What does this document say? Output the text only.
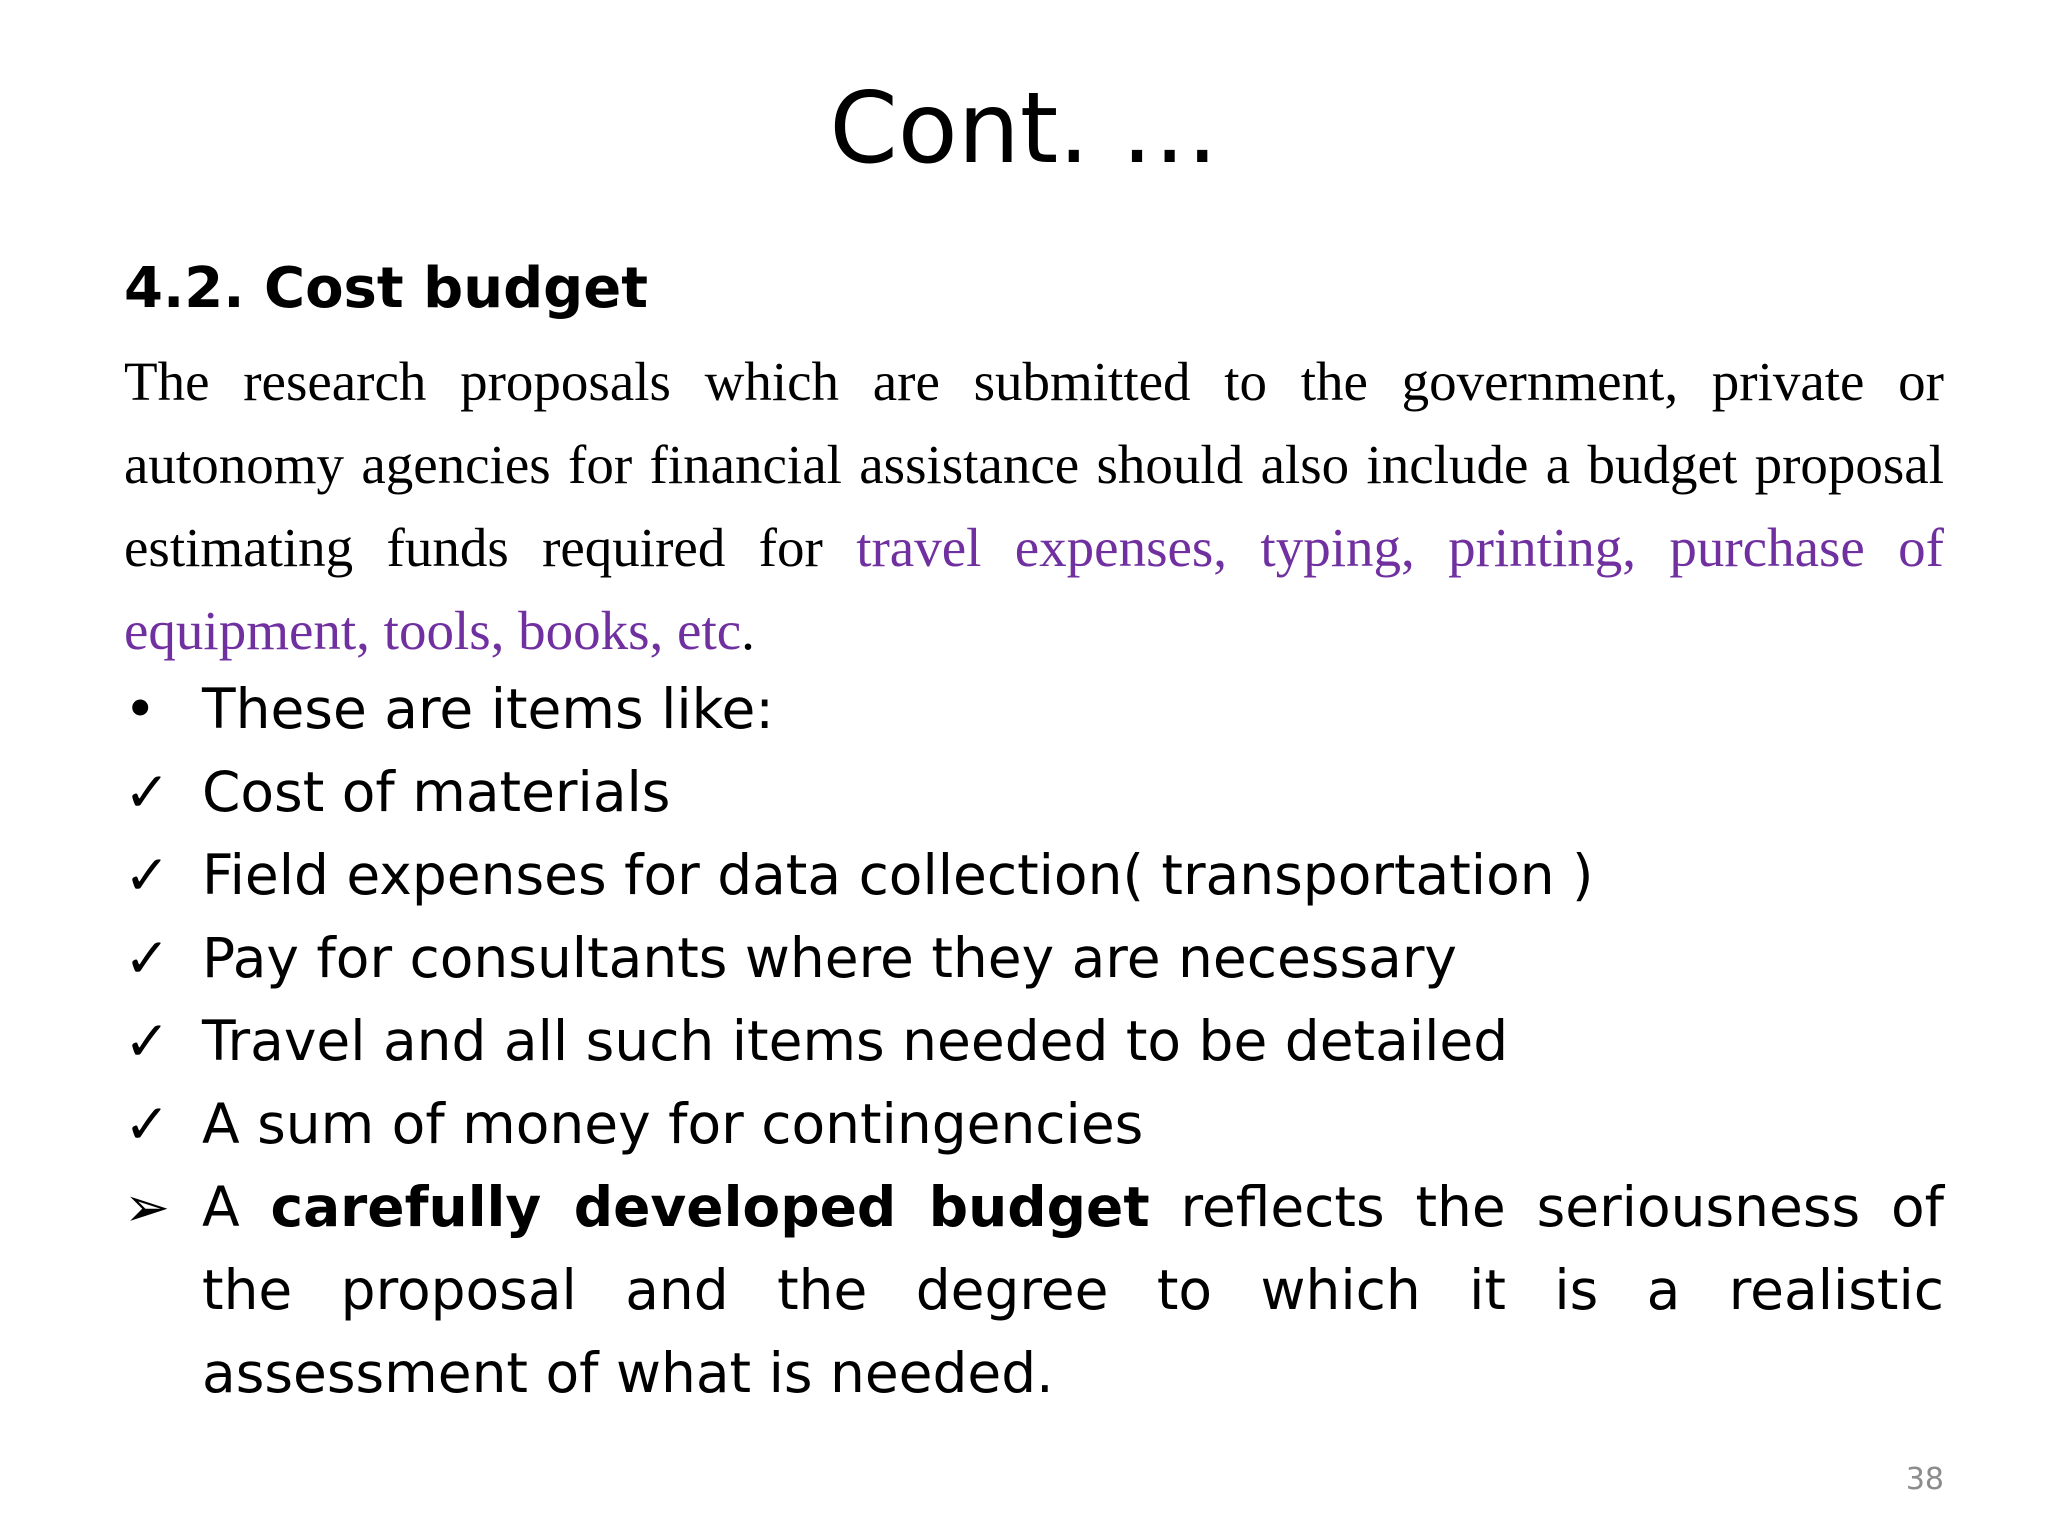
Cont. …
4.2. Cost budget

The research proposals which are submitted to the government, private or autonomy agencies for financial assistance should also include a budget proposal estimating funds required for travel expenses, typing, printing, purchase of equipment, tools, books, etc.

• These are items like:
✓ Cost of materials
✓ Field expenses for data collection( transportation )
✓ Pay for consultants where they are necessary
✓ Travel and all such items needed to be detailed
✓ A sum of money for contingencies
➢ A carefully developed budget reflects the seriousness of the proposal and the degree to which it is a realistic assessment of what is needed.
38
